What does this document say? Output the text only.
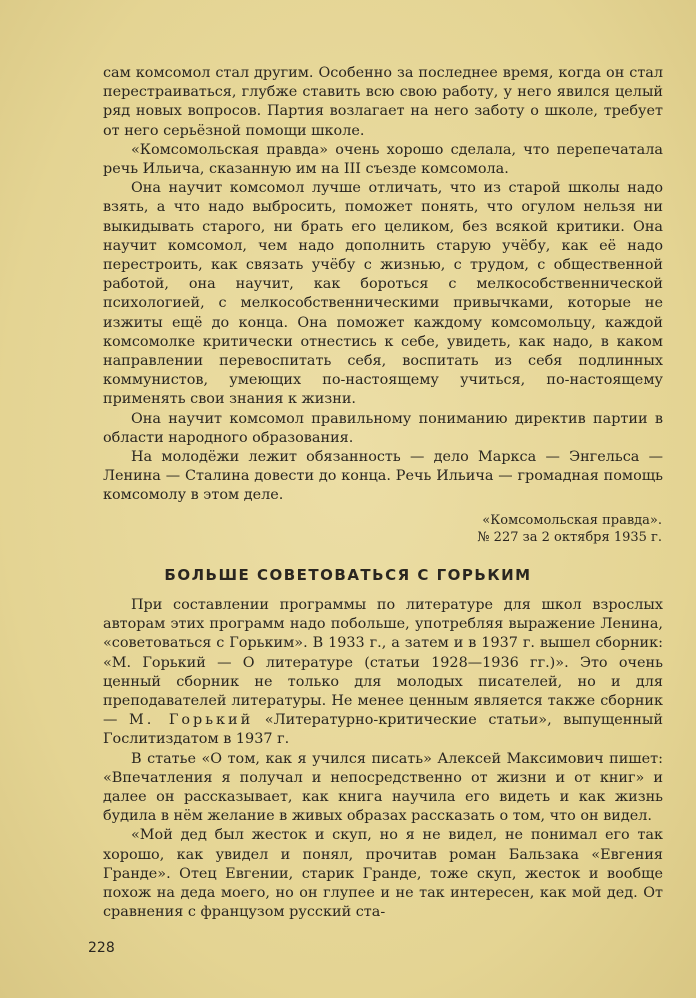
сам комсомол стал другим. Особенно за последнее время, когда он стал перестраиваться, глубже ставить всю свою работу, у него явился целый ряд новых вопросов. Партия возлагает на него заботу о школе, требует от него серьёзной помощи школе.

«Комсомольская правда» очень хорошо сделала, что перепечатала речь Ильича, сказанную им на III съезде комсомола.

Она научит комсомол лучше отличать, что из старой школы надо взять, а что надо выбросить, поможет понять, что огулом нельзя ни выкидывать старого, ни брать его целиком, без всякой критики. Она научит комсомол, чем надо дополнить старую учёбу, как её надо перестроить, как связать учёбу с жизнью, с трудом, с общественной работой, она научит, как бороться с мелкособственнической психологией, с мелкособственническими привычками, которые не изжиты ещё до конца. Она поможет каждому комсомольцу, каждой комсомолке критически отнестись к себе, увидеть, как надо, в каком направлении перевоспитать себя, воспитать из себя подлинных коммунистов, умеющих по-настоящему учиться, по-настоящему применять свои знания к жизни.

Она научит комсомол правильному пониманию директив партии в области народного образования.

На молодёжи лежит обязанность — дело Маркса — Энгельса — Ленина — Сталина довести до конца. Речь Ильича — громадная помощь комсомолу в этом деле.

«Комсомольская правда».
№ 227 за 2 октября 1935 г.
БОЛЬШЕ СОВЕТОВАТЬСЯ С ГОРЬКИМ

При составлении программы по литературе для школ взрослых авторам этих программ надо побольше, употребляя выражение Ленина, «советоваться с Горьким». В 1933 г., а затем и в 1937 г. вышел сборник: «М. Горький — О литературе (статьи 1928—1936 гг.)». Это очень ценный сборник не только для молодых писателей, но и для преподавателей литературы. Не менее ценным является также сборник — М. Горький «Литературно-критические статьи», выпущенный Гослитиздатом в 1937 г.

В статье «О том, как я учился писать» Алексей Максимович пишет: «Впечатления я получал и непосредственно от жизни и от книг» и далее он рассказывает, как книга научила его видеть и как жизнь будила в нём желание в живых образах рассказать о том, что он видел.

«Мой дед был жесток и скуп, но я не видел, не понимал его так хорошо, как увидел и понял, прочитав роман Бальзака «Евгения Гранде». Отец Евгении, старик Гранде, тоже скуп, жесток и вообще похож на деда моего, но он глупее и не так интересен, как мой дед. От сравнения с французом русский ста-

228
